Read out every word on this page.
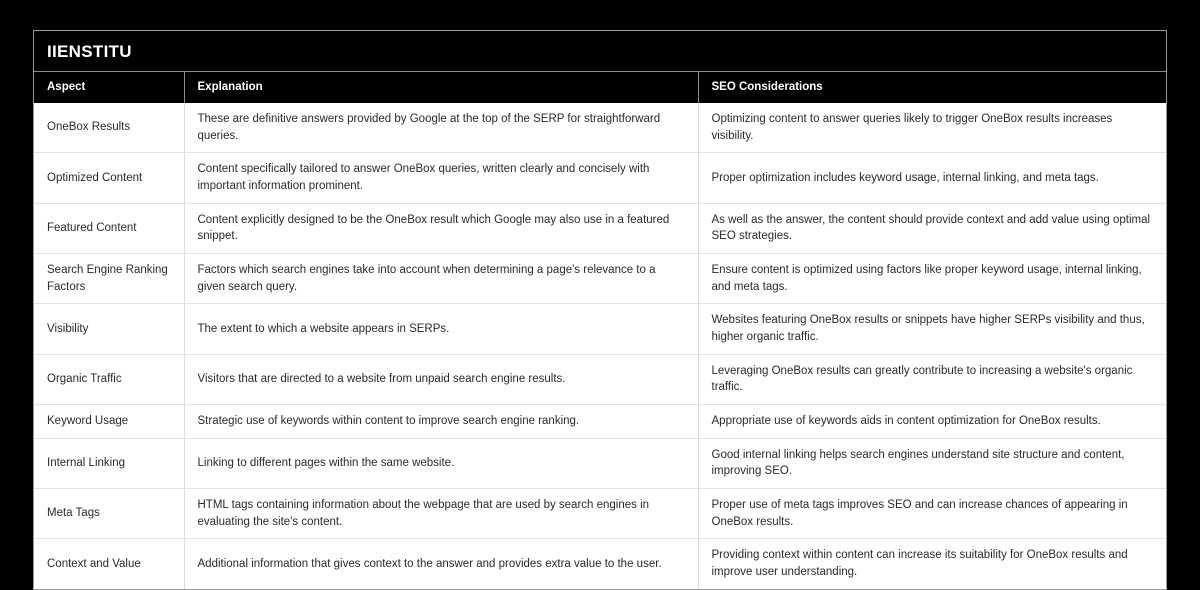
IIENSTITU
Aspect	Explanation	SEO Considerations
OneBox Results	These are definitive answers provided by Google at the top of the SERP for straightforward queries.	Optimizing content to answer queries likely to trigger OneBox results increases visibility.
Optimized Content	Content specifically tailored to answer OneBox queries, written clearly and concisely with important information prominent.	Proper optimization includes keyword usage, internal linking, and meta tags.
Featured Content	Content explicitly designed to be the OneBox result which Google may also use in a featured snippet.	As well as the answer, the content should provide context and add value using optimal SEO strategies.
Search Engine Ranking Factors	Factors which search engines take into account when determining a page's relevance to a given search query.	Ensure content is optimized using factors like proper keyword usage, internal linking, and meta tags.
Visibility	The extent to which a website appears in SERPs.	Websites featuring OneBox results or snippets have higher SERPs visibility and thus, higher organic traffic.
Organic Traffic	Visitors that are directed to a website from unpaid search engine results.	Leveraging OneBox results can greatly contribute to increasing a website's organic traffic.
Keyword Usage	Strategic use of keywords within content to improve search engine ranking.	Appropriate use of keywords aids in content optimization for OneBox results.
Internal Linking	Linking to different pages within the same website.	Good internal linking helps search engines understand site structure and content, improving SEO.
Meta Tags	HTML tags containing information about the webpage that are used by search engines in evaluating the site's content.	Proper use of meta tags improves SEO and can increase chances of appearing in OneBox results.
Context and Value	Additional information that gives context to the answer and provides extra value to the user.	Providing context within content can increase its suitability for OneBox results and improve user understanding.
